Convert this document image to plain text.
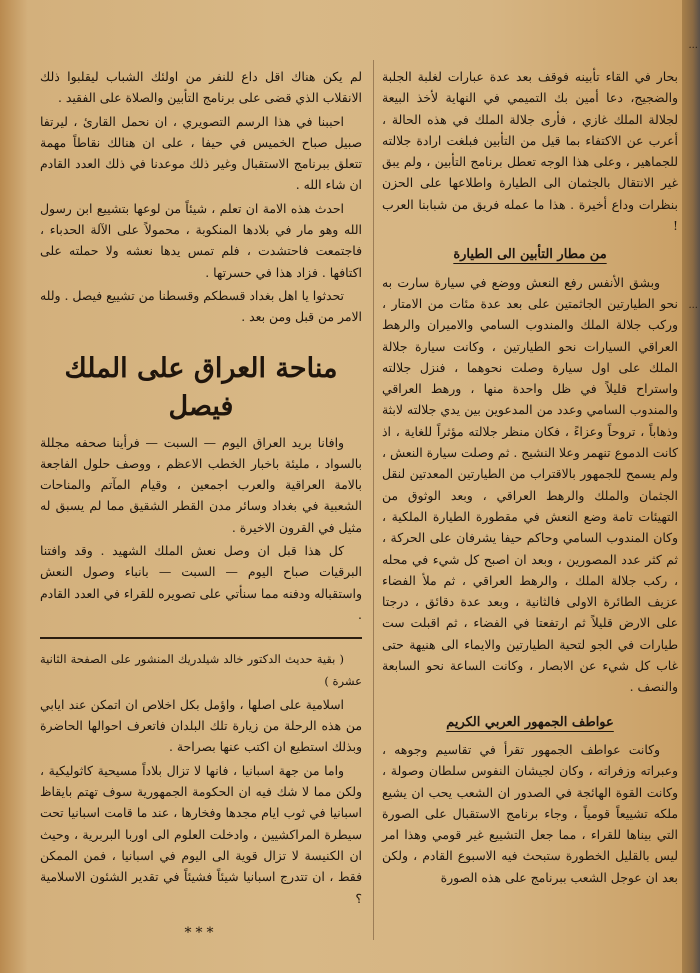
...
...

بحار في القاء تأبينه فوقف بعد عدة عبارات لغلبة الجلبة والضجيج، دعا أمين بك التميمي في النهاية لأخذ البيعة لجلالة الملك غازي ، فأرى جلالة الملك في هذه الحالة ، أعرب عن الاكتفاء بما قيل من التأبين فبلغت ارادة جلالته للجماهير ، وعلى هذا الوجه تعطل برنامج التأبين ، ولم يبق غير الانتقال بالجثمان الى الطيارة واطلاعها على الحزن بنظرات وداع أخيرة . هذا ما عمله فريق من شبابنا العرب !

من مطار التأبين الى الطيارة

وبشق الأنفس رفع النعش ووضع في سيارة سارت به نحو الطيارتين الجاثمتين على بعد عدة مئات من الامتار ، وركب جلالة الملك والمندوب السامي والاميران والرهط العراقي السيارات نحو الطيارتين ، وكانت سيارة جلالة الملك على اول سيارة وصلت نحوهما ، فنزل جلالته واستراح قليلاً في ظل واحدة منها ، ورهط العراقي والمندوب السامي وعدد من المدعوين بين يدي جلالته لابثة وذهاباً ، تروحاً وعزاءً ، فكان منظر جلالته مؤثراً للغاية ، اذ كانت الدموع تنهمر وعلا النشيج . ثم وصلت سيارة النعش ، ولم يسمح للجمهور بالاقتراب من الطيارتين المعدتين لنقل الجثمان والملك والرهط العراقي ، وبعد الوثوق من التهيئات تامة وضع النعش في مقطورة الطيارة الملكية ، وكان المندوب السامي وحاكم حيفا يشرفان على الحركة ، ثم كثر عدد المصورين ، وبعد ان اصبح كل شيء في محله ، ركب جلالة الملك ، والرهط العراقي ، ثم ملأ الفضاء عزيف الطائرة الاولى فالثانية ، وبعد عدة دقائق ، درجتا على الارض قليلاً ثم ارتفعتا في الفضاء ، ثم اقبلت ست طيارات في الجو لتحية الطيارتين والايماء الى هنيهة حتى غاب كل شيء عن الابصار ، وكانت الساعة نحو السابعة والنصف .

عواطف الجمهور العربي الكريم

وكانت عواطف الجمهور تقرأ في تقاسيم وجوهه ، وعبراته وزفراته ، وكان لجيشان النفوس سلطان وصولة ، وكانت القوة الهائجة في الصدور ان الشعب يحب ان يشيع ملكه تشييعاً قومياً ، وجاء برنامج الاستقبال على الصورة التي بيناها للقراء ، مما جعل التشييع غير قومي وهذا امر ليس بالقليل الخطورة ستبحث فيه الاسبوع القادم ، ولكن بعد ان عوجل الشعب ببرنامج على هذه الصورة

لم يكن هناك اقل داع للنفر من اولئك الشباب ليقلبوا ذلك الانقلاب الذي قضى على برنامج التأبين والصلاة على الفقيد .

احببنا في هذا الرسم التصويري ، ان نحمل القارئ ، ليرتفا صبيل صباح الخميس في حيفا ، على ان هنالك نقاطاً مهمة تتعلق ببرنامج الاستقبال وغير ذلك موعدنا في ذلك العدد القادم ان شاء الله .

احدث هذه الامة ان تعلم ، شيئاً من لوعها بتشييع ابن رسول الله وهو مار في بلادها المنكوبة ، محمولاً على الآلة الحدباء ، فاجتمعت فاحتشدت ، فلم تمس يدها نعشه ولا حملته على اكتافها . فزاد هذا في حسرتها .

تحدثوا يا اهل بغداد قسطكم وقسطنا من تشييع فيصل . ولله الامر من قبل ومن بعد .

مناحة العراق على الملك فيصل

وافانا بريد العراق اليوم — السبت — فرأينا صحفه مجللة بالسواد ، مليئة باخبار الخطب الاعظم ، ووصف حلول الفاجعة بالامة العراقية والعرب اجمعين ، وقيام المآتم والمناحات الشعبية في بغداد وسائر مدن القطر الشقيق مما لم يسبق له مثيل في القرون الاخيرة .

كل هذا قبل ان وصل نعش الملك الشهيد . وقد وافتنا البرقيات صباح اليوم — السبت — بانباء وصول النعش واستقباله ودفنه مما سنأتي على تصويره للقراء في العدد القادم .

( بقية حديث الدكتور خالد شيلدريك المنشور على الصفحة الثانية عشرة )

اسلامية على اصلها ، واؤمل بكل اخلاص ان اتمكن عند ايابي من هذه الرحلة من زيارة تلك البلدان فاتعرف احوالها الحاضرة وبذلك استطيع ان اكتب عنها بصراحة .

واما من جهة اسبانيا ، فانها لا تزال بلاداً مسيحية كاثوليكية ، ولكن مما لا شك فيه ان الحكومة الجمهورية سوف تهتم بايقاظ اسبانيا في ثوب ايام مجدها وفخارها ، عند ما قامت اسبانيا تحت سيطرة المراكشيين ، وادخلت العلوم الى اوربا البربرية ، وحيث ان الكنيسة لا تزال قوية الى اليوم في اسبانيا ، فمن الممكن فقط ، ان تتدرج اسبانيا شيئاً فشيئاً في تقدير الشئون الاسلامية ؟

***
